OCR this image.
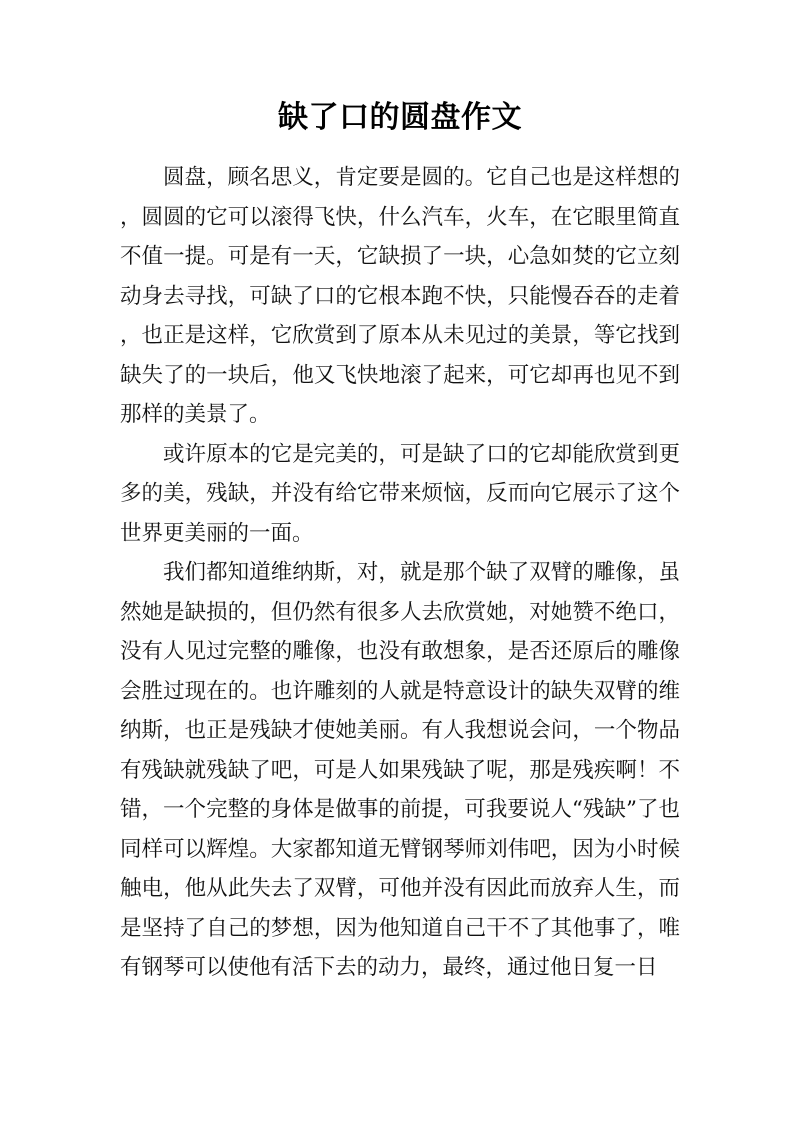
缺了口的圆盘作文

圆盘，顾名思义，肯定要是圆的。它自己也是这样想的，圆圆的它可以滚得飞快，什么汽车，火车，在它眼里简直不值一提。可是有一天，它缺损了一块，心急如焚的它立刻动身去寻找，可缺了口的它根本跑不快，只能慢吞吞的走着，也正是这样，它欣赏到了原本从未见过的美景，等它找到缺失了的一块后，他又飞快地滚了起来，可它却再也见不到那样的美景了。

或许原本的它是完美的，可是缺了口的它却能欣赏到更多的美，残缺，并没有给它带来烦恼，反而向它展示了这个世界更美丽的一面。

我们都知道维纳斯，对，就是那个缺了双臂的雕像，虽然她是缺损的，但仍然有很多人去欣赏她，对她赞不绝口，没有人见过完整的雕像，也没有敢想象，是否还原后的雕像会胜过现在的。也许雕刻的人就是特意设计的缺失双臂的维纳斯，也正是残缺才使她美丽。有人我想说会问，一个物品有残缺就残缺了吧，可是人如果残缺了呢，那是残疾啊！不错，一个完整的身体是做事的前提，可我要说人“残缺”了也同样可以辉煌。大家都知道无臂钢琴师刘伟吧，因为小时候触电，他从此失去了双臂，可他并没有因此而放弃人生，而是坚持了自己的梦想，因为他知道自己干不了其他事了，唯有钢琴可以使他有活下去的动力，最终，通过他日复一日
